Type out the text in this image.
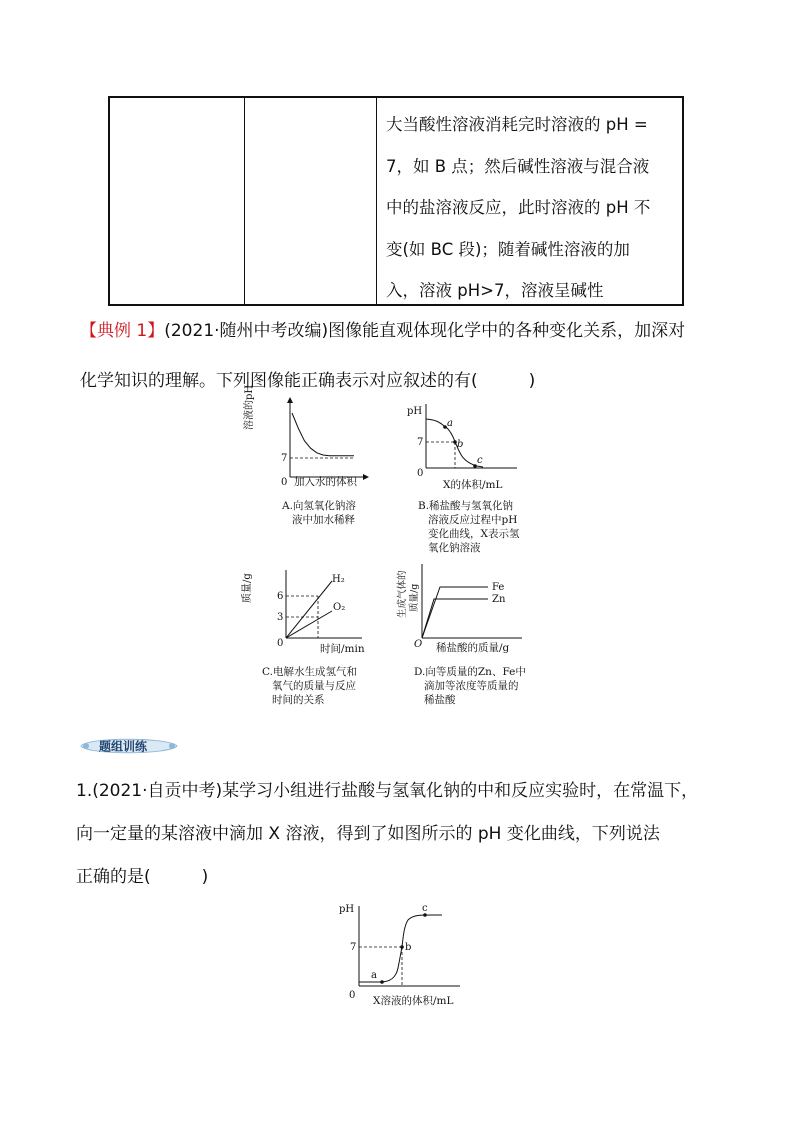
大当酸性溶液消耗完时溶液的 pH =
7，如 B 点；然后碱性溶液与混合液
中的盐溶液反应，此时溶液的 pH 不
变(如 BC 段)；随着碱性溶液的加
入，溶液 pH>7，溶液呈碱性
【典例 1】(2021·随州中考改编)图像能直观体现化学中的各种变化关系，加深对
化学知识的理解。下列图像能正确表示对应叙述的有(　　　)
溶液的pH
7
0 加入水的体积
A.向氢氧化钠溶
液中加水稀释
pH
7
0
a
b
c
X的体积/mL
B.稀盐酸与氢氧化钠
溶液反应过程中pH
变化曲线，X表示氢
氧化钠溶液
质量/g 6
3
0
H₂
O₂
时间/min
C.电解水生成氢气和
氧气的质量与反应
时间的关系
生成气体的 质量/g
O
Fe
Zn
稀盐酸的质量/g
D.向等质量的Zn、Fe中
滴加等浓度等质量的
稀盐酸
题组训练
1.(2021·自贡中考)某学习小组进行盐酸与氢氧化钠的中和反应实验时，在常温下，
向一定量的某溶液中滴加 X 溶液，得到了如图所示的 pH 变化曲线，下列说法
正确的是(　　　)
pH
7
0
a
b
c
X溶液的体积/mL
